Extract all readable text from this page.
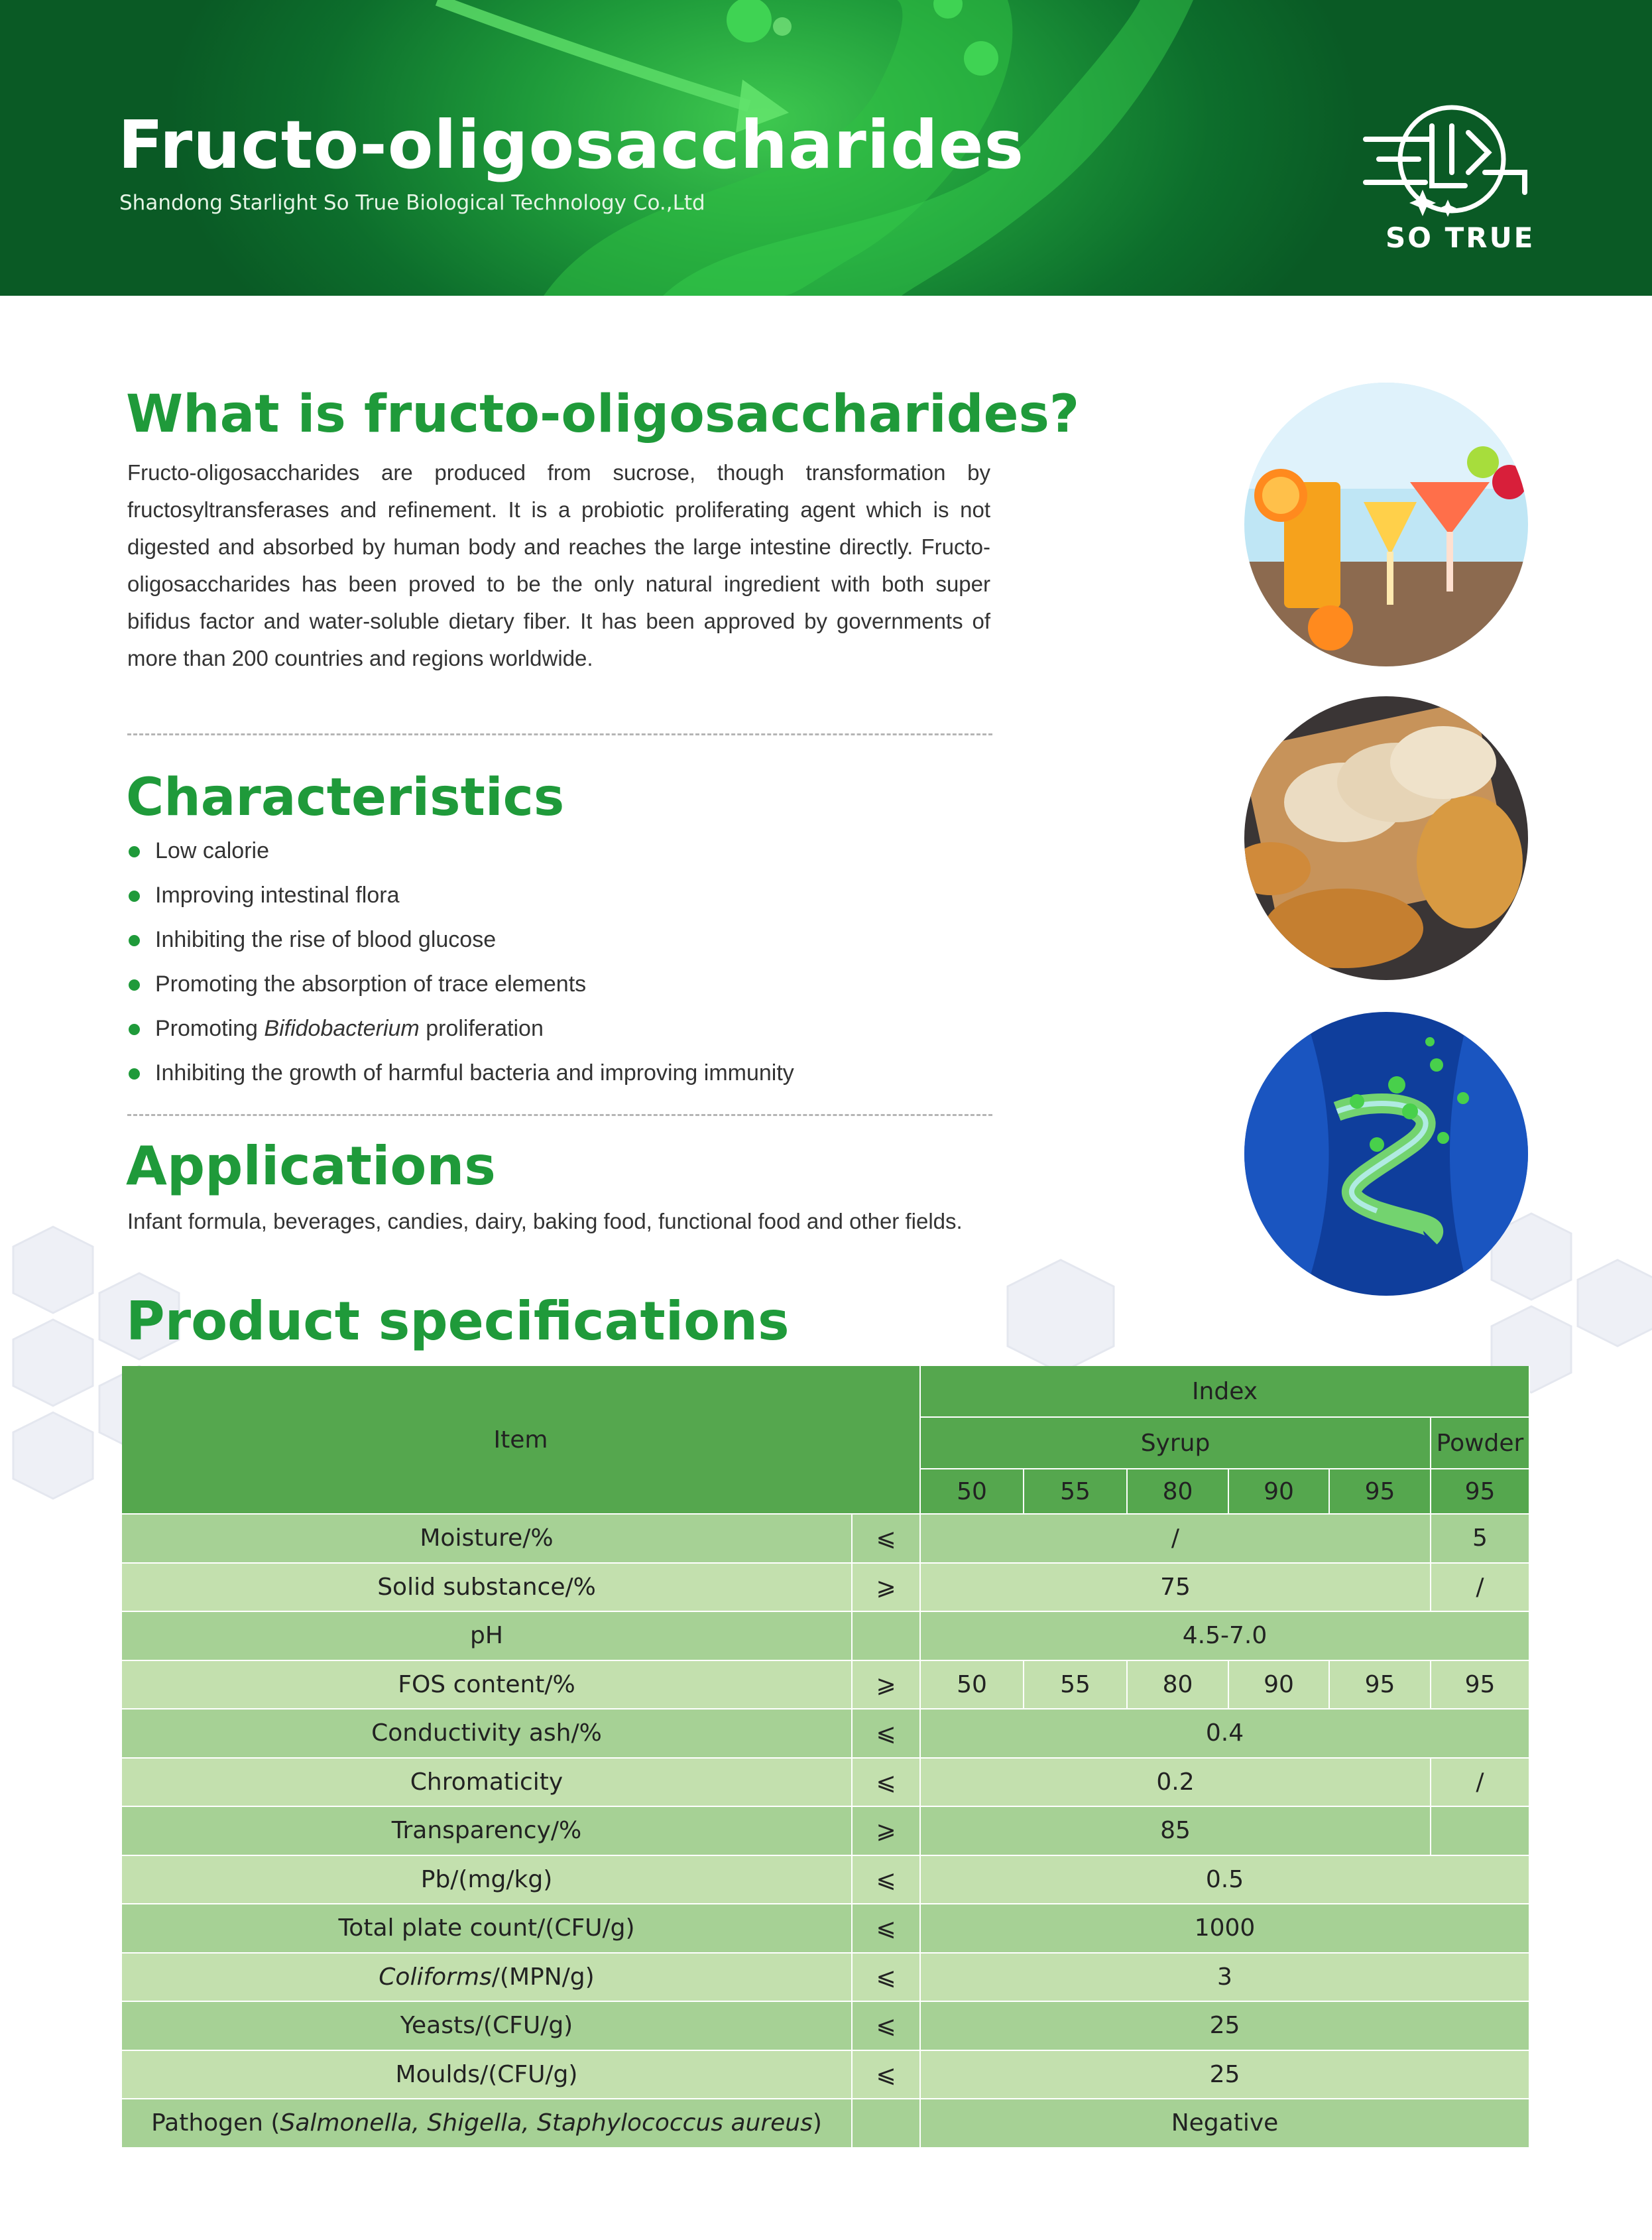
Fructo-oligosaccharides
Shandong Starlight So True Biological Technology Co.,Ltd
SO TRUE
What is fructo-oligosaccharides?

Fructo-oligosaccharides are produced from sucrose, though transformation by fructosyltransferases and refinement. It is a probiotic proliferating agent which is not digested and absorbed by human body and reaches the large intestine directly. Fructo-oligosaccharides has been proved to be the only natural ingredient with both super bifidus factor and water-soluble dietary fiber. It has been approved by governments of more than 200 countries and regions worldwide.

Characteristics
Low calorie
Improving intestinal flora
Inhibiting the rise of blood glucose
Promoting the absorption of trace elements
Promoting Bifidobacterium proliferation
Inhibiting the growth of harmful bacteria and improving immunity
Applications

Infant formula, beverages, candies, dairy, baking food, functional food and other fields.

Product specifications
Item
Index
Syrup	Powder
50	55	80	90	95	95
Moisture/%	⩽	/	5
Solid substance/%	⩾	75	/
pH	4.5-7.0
FOS content/%	⩾	50	55	80	90	95	95
Conductivity ash/%	⩽	0.4
Chromaticity	⩽	0.2	/
Transparency/%	⩾	85
Pb/(mg/kg)	⩽	0.5
Total plate count/(CFU/g)	⩽	1000
Coliforms/(MPN/g)	⩽	3
Yeasts/(CFU/g)	⩽	25
Moulds/(CFU/g)	⩽	25
Pathogen (Salmonella, Shigella, Staphylococcus aureus)	Negative
